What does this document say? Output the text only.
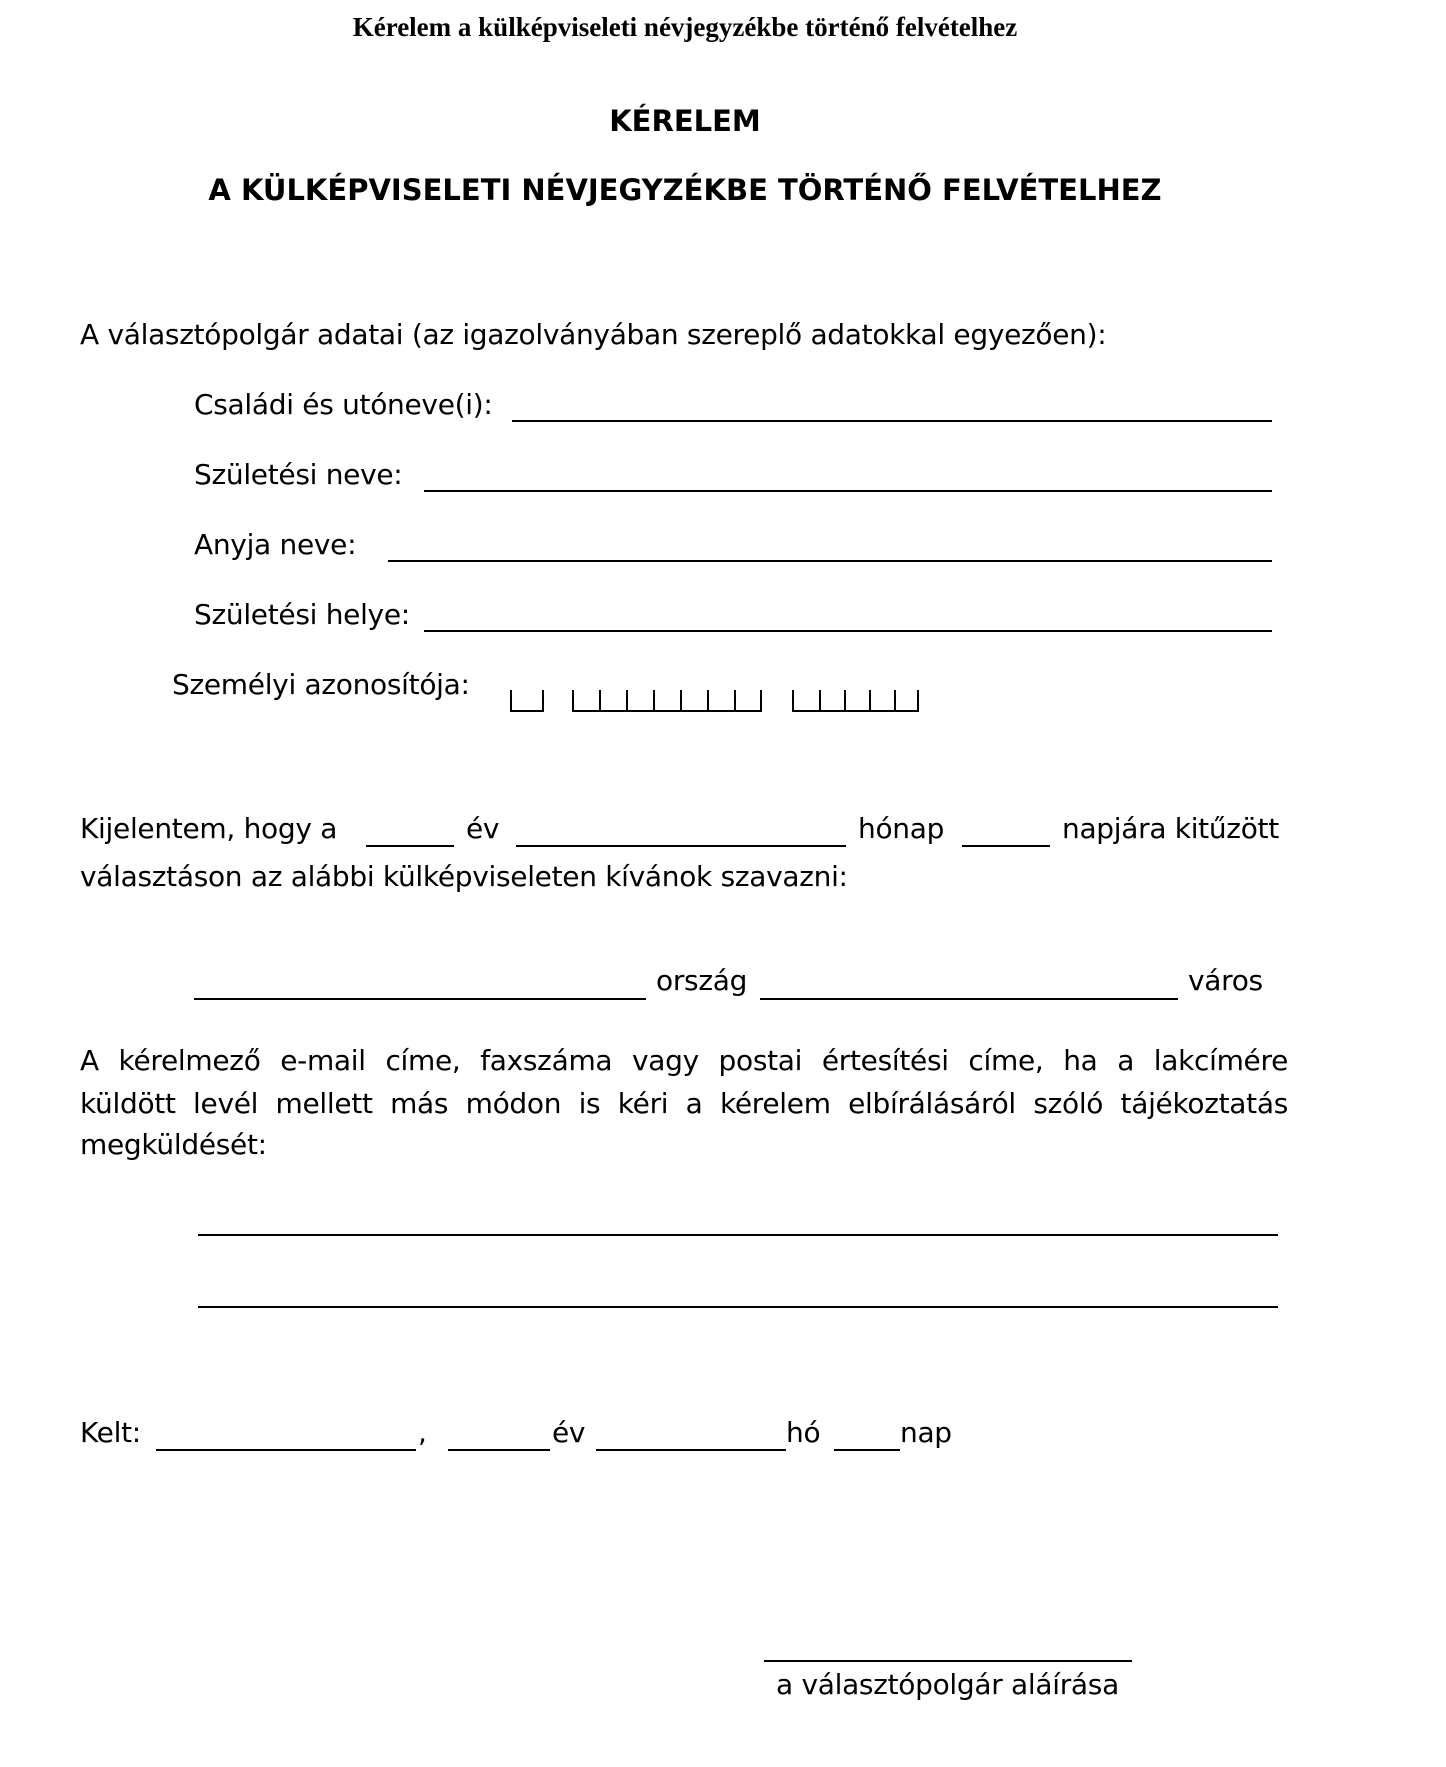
Kérelem a külképviseleti névjegyzékbe történő felvételhez
KÉRELEM
A KÜLKÉPVISELETI NÉVJEGYZÉKBE TÖRTÉNŐ FELVÉTELHEZ
A választópolgár adatai (az igazolványában szereplő adatokkal egyezően):
Családi és utóneve(i):
Születési neve:
Anyja neve:
Születési helye:
Személyi azonosítója:
Kijelentem, hogy a	év	hónap	napjára kitűzött
választáson az alábbi külképviseleten kívánok szavazni:
ország	város
A kérelmező e-mail címe, faxszáma vagy postai értesítési címe, ha a lakcímére
küldött levél mellett más módon is kéri a kérelem elbírálásáról szóló tájékoztatás
megküldését:
Kelt:	,	év	hó	nap
a választópolgár aláírása
